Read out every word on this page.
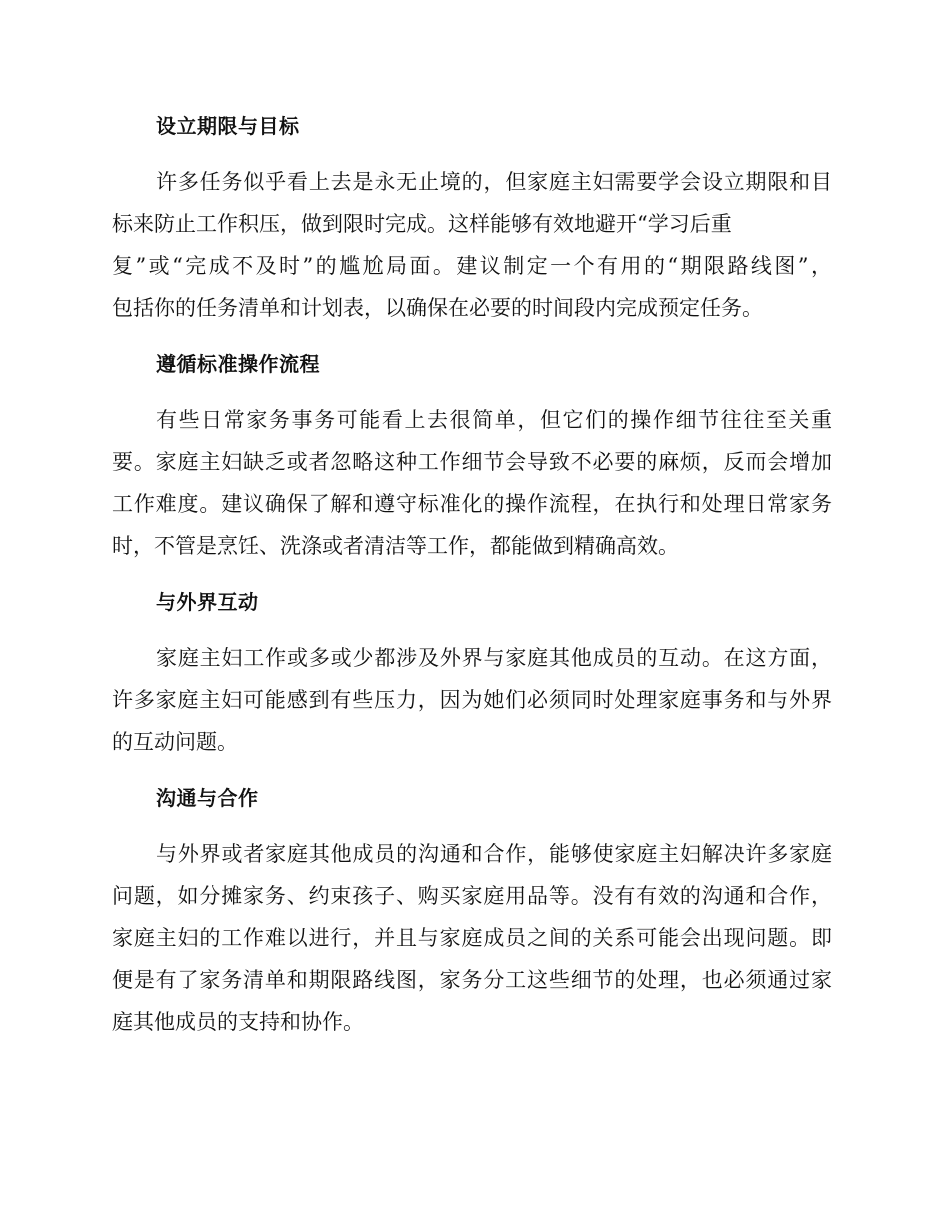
设立期限与目标
许多任务似乎看上去是永无止境的，但家庭主妇需要学会设立期限和目
标来防止工作积压，做到限时完成。这样能够有效地避开“学习后重
复”或“完成不及时”的尴尬局面。建议制定一个有用的“期限路线图”，
包括你的任务清单和计划表，以确保在必要的时间段内完成预定任务。
遵循标准操作流程
有些日常家务事务可能看上去很简单，但它们的操作细节往往至关重
要。家庭主妇缺乏或者忽略这种工作细节会导致不必要的麻烦，反而会增加
工作难度。建议确保了解和遵守标准化的操作流程，在执行和处理日常家务
时，不管是烹饪、洗涤或者清洁等工作，都能做到精确高效。
与外界互动
家庭主妇工作或多或少都涉及外界与家庭其他成员的互动。在这方面，
许多家庭主妇可能感到有些压力，因为她们必须同时处理家庭事务和与外界
的互动问题。
沟通与合作
与外界或者家庭其他成员的沟通和合作，能够使家庭主妇解决许多家庭
问题，如分摊家务、约束孩子、购买家庭用品等。没有有效的沟通和合作，
家庭主妇的工作难以进行，并且与家庭成员之间的关系可能会出现问题。即
便是有了家务清单和期限路线图，家务分工这些细节的处理，也必须通过家
庭其他成员的支持和协作。
